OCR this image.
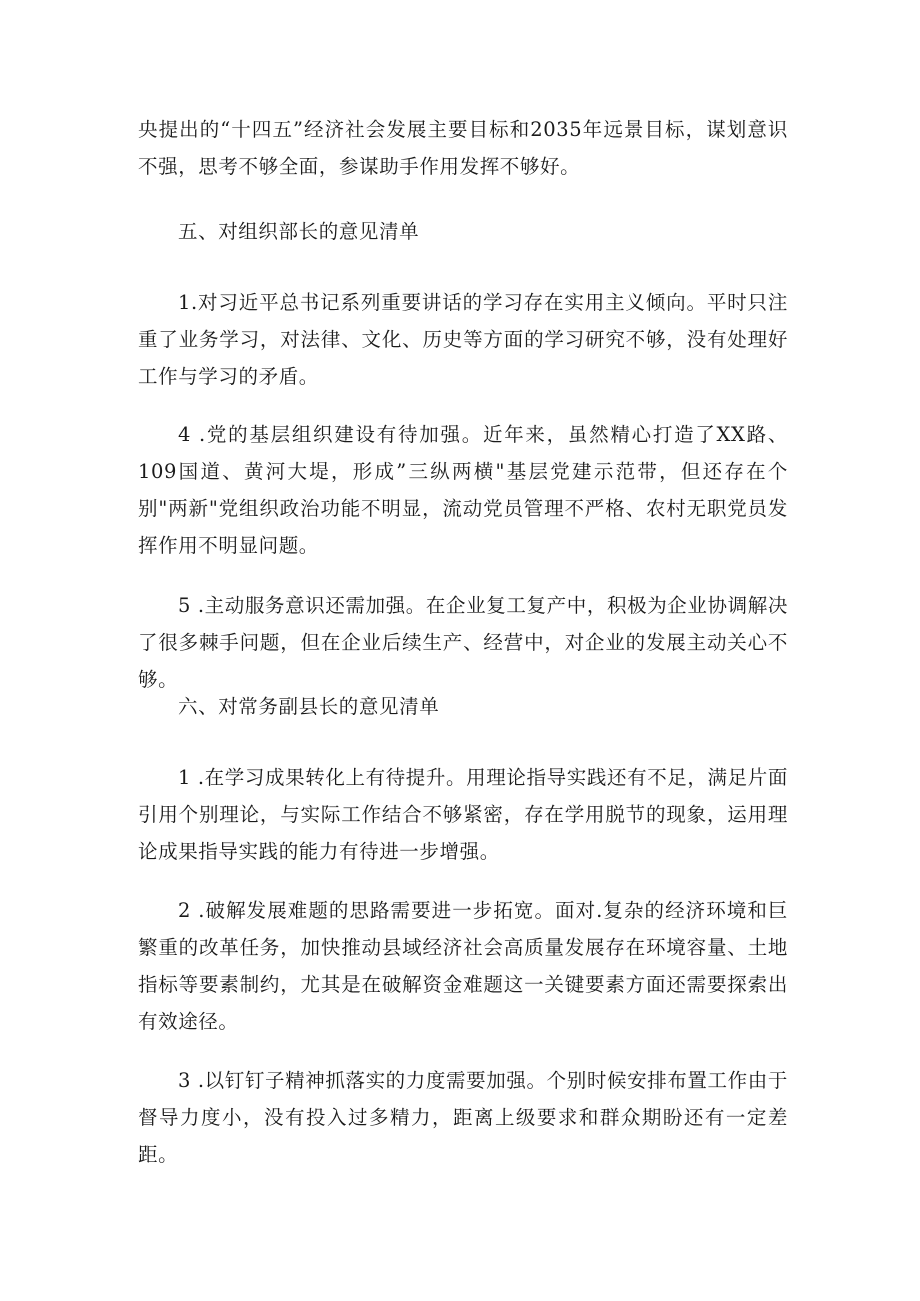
央提出的“十四五”经济社会发展主要目标和2035年远景目标，谋划意识不强，思考不够全面，参谋助手作用发挥不够好。

五、对组织部长的意见清单

1.对习近平总书记系列重要讲话的学习存在实用主义倾向。平时只注重了业务学习，对法律、文化、历史等方面的学习研究不够，没有处理好工作与学习的矛盾。

4 .党的基层组织建设有待加强。近年来，虽然精心打造了XX路、109国道、黄河大堤，形成”三纵两横"基层党建示范带，但还存在个别"两新"党组织政治功能不明显，流动党员管理不严格、农村无职党员发挥作用不明显问题。

5 .主动服务意识还需加强。在企业复工复产中，积极为企业协调解决了很多棘手问题，但在企业后续生产、经营中，对企业的发展主动关心不够。

六、对常务副县长的意见清单

1 .在学习成果转化上有待提升。用理论指导实践还有不足，满足片面引用个别理论，与实际工作结合不够紧密，存在学用脱节的现象，运用理论成果指导实践的能力有待进一步增强。

2 .破解发展难题的思路需要进一步拓宽。面对.复杂的经济环境和巨繁重的改革任务，加快推动县域经济社会高质量发展存在环境容量、土地指标等要素制约，尤其是在破解资金难题这一关键要素方面还需要探索出有效途径。

3 .以钉钉子精神抓落实的力度需要加强。个别时候安排布置工作由于督导力度小，没有投入过多精力，距离上级要求和群众期盼还有一定差距。
